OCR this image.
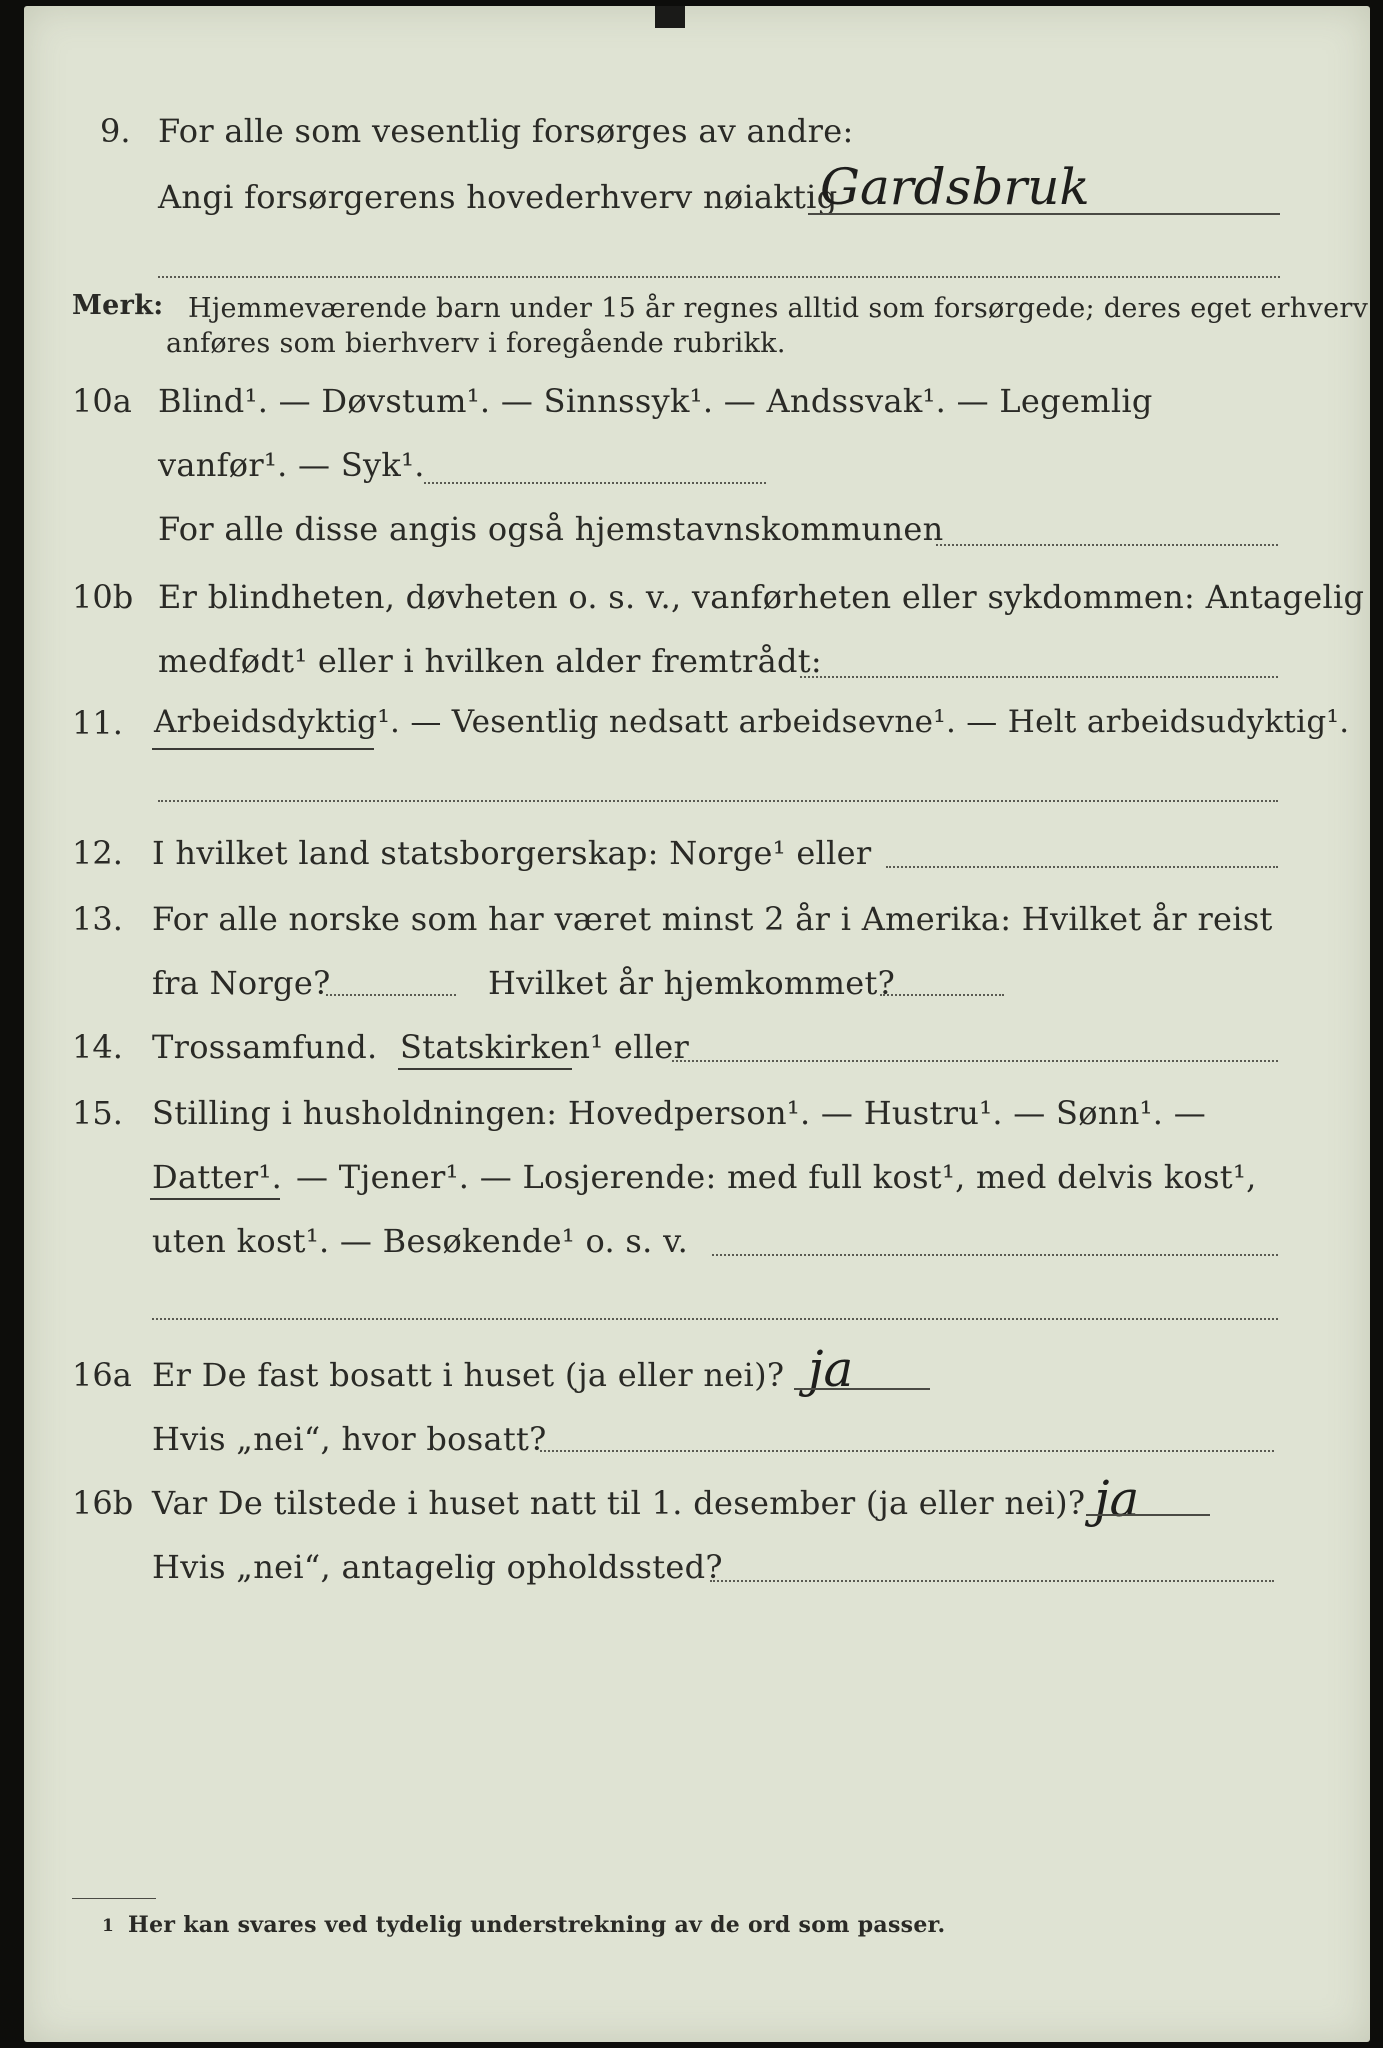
9. For alle som vesentlig forsørges av andre:
Angi forsørgerens hovederhverv nøiaktig
Gardsbruk
Merk: Hjemmeværende barn under 15 år regnes alltid som forsørgede; deres eget erhverv
anføres som bierhverv i foregående rubrikk.
10a Blind¹. — Døvstum¹. — Sinnssyk¹. — Andssvak¹. — Legemlig
vanfør¹. — Syk¹.
For alle disse angis også hjemstavnskommunen
10b Er blindheten, døvheten o. s. v., vanførheten eller sykdommen: Antagelig
medfødt¹ eller i hvilken alder fremtrådt:
11. Arbeidsdyktig¹. — Vesentlig nedsatt arbeidsevne¹. — Helt arbeidsudyktig¹.
12. I hvilket land statsborgerskap: Norge¹ eller
13. For alle norske som har været minst 2 år i Amerika: Hvilket år reist
fra Norge?	Hvilket år hjemkommet?
14. Trossamfund. Statskirken¹ eller
15. Stilling i husholdningen: Hovedperson¹. — Hustru¹. — Sønn¹. —
Datter¹. — Tjener¹. — Losjerende: med full kost¹, med delvis kost¹,
uten kost¹. — Besøkende¹ o. s. v.
16a Er De fast bosatt i huset (ja eller nei)? ja
Hvis „nei“, hvor bosatt?
16b Var De tilstede i huset natt til 1. desember (ja eller nei)? ja
Hvis „nei“, antagelig opholdssted?
1 Her kan svares ved tydelig understrekning av de ord som passer.
